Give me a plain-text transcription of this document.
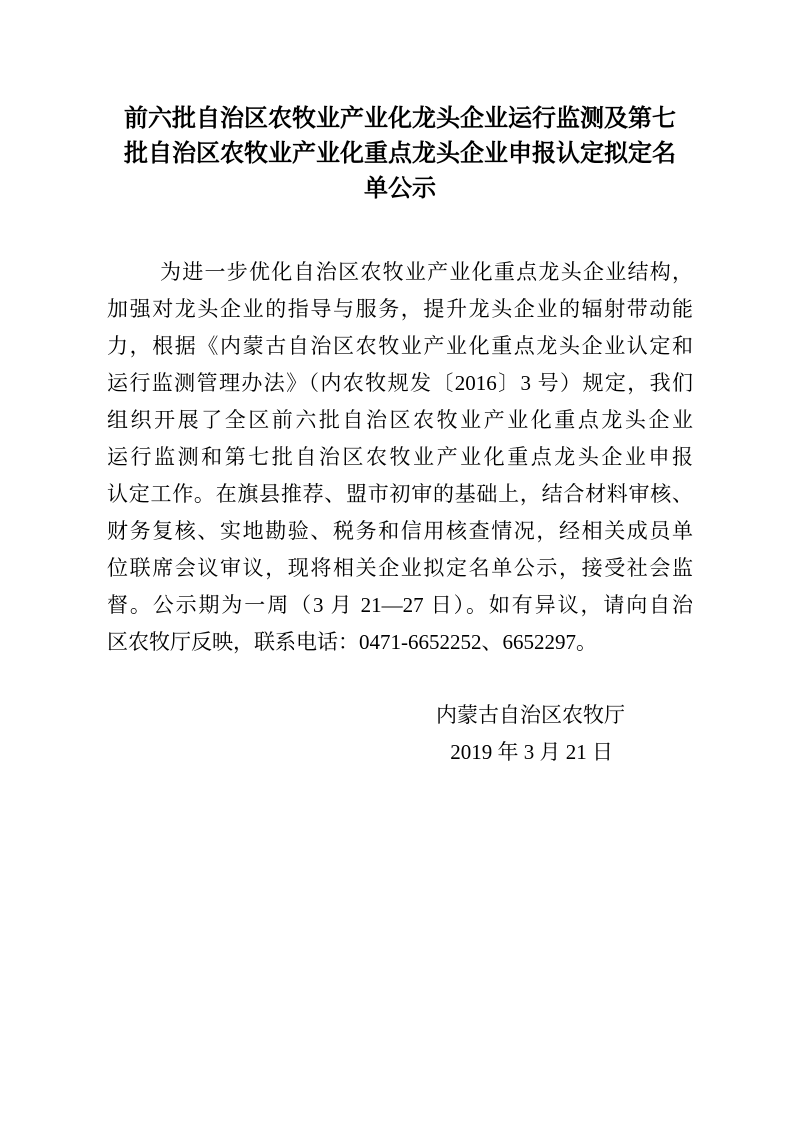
前六批自治区农牧业产业化龙头企业运行监测及第七
批自治区农牧业产业化重点龙头企业申报认定拟定名
单公示
为进一步优化自治区农牧业产业化重点龙头企业结构，
加强对龙头企业的指导与服务，提升龙头企业的辐射带动能
力，根据《内蒙古自治区农牧业产业化重点龙头企业认定和
运行监测管理办法》（内农牧规发〔2016〕3 号）规定，我们
组织开展了全区前六批自治区农牧业产业化重点龙头企业
运行监测和第七批自治区农牧业产业化重点龙头企业申报
认定工作。在旗县推荐、盟市初审的基础上，结合材料审核、
财务复核、实地勘验、税务和信用核查情况，经相关成员单
位联席会议审议，现将相关企业拟定名单公示，接受社会监
督。公示期为一周（3 月 21—27 日）。如有异议，请向自治
区农牧厅反映，联系电话：0471-6652252、6652297。
内蒙古自治区农牧厅
2019 年 3 月 21 日
